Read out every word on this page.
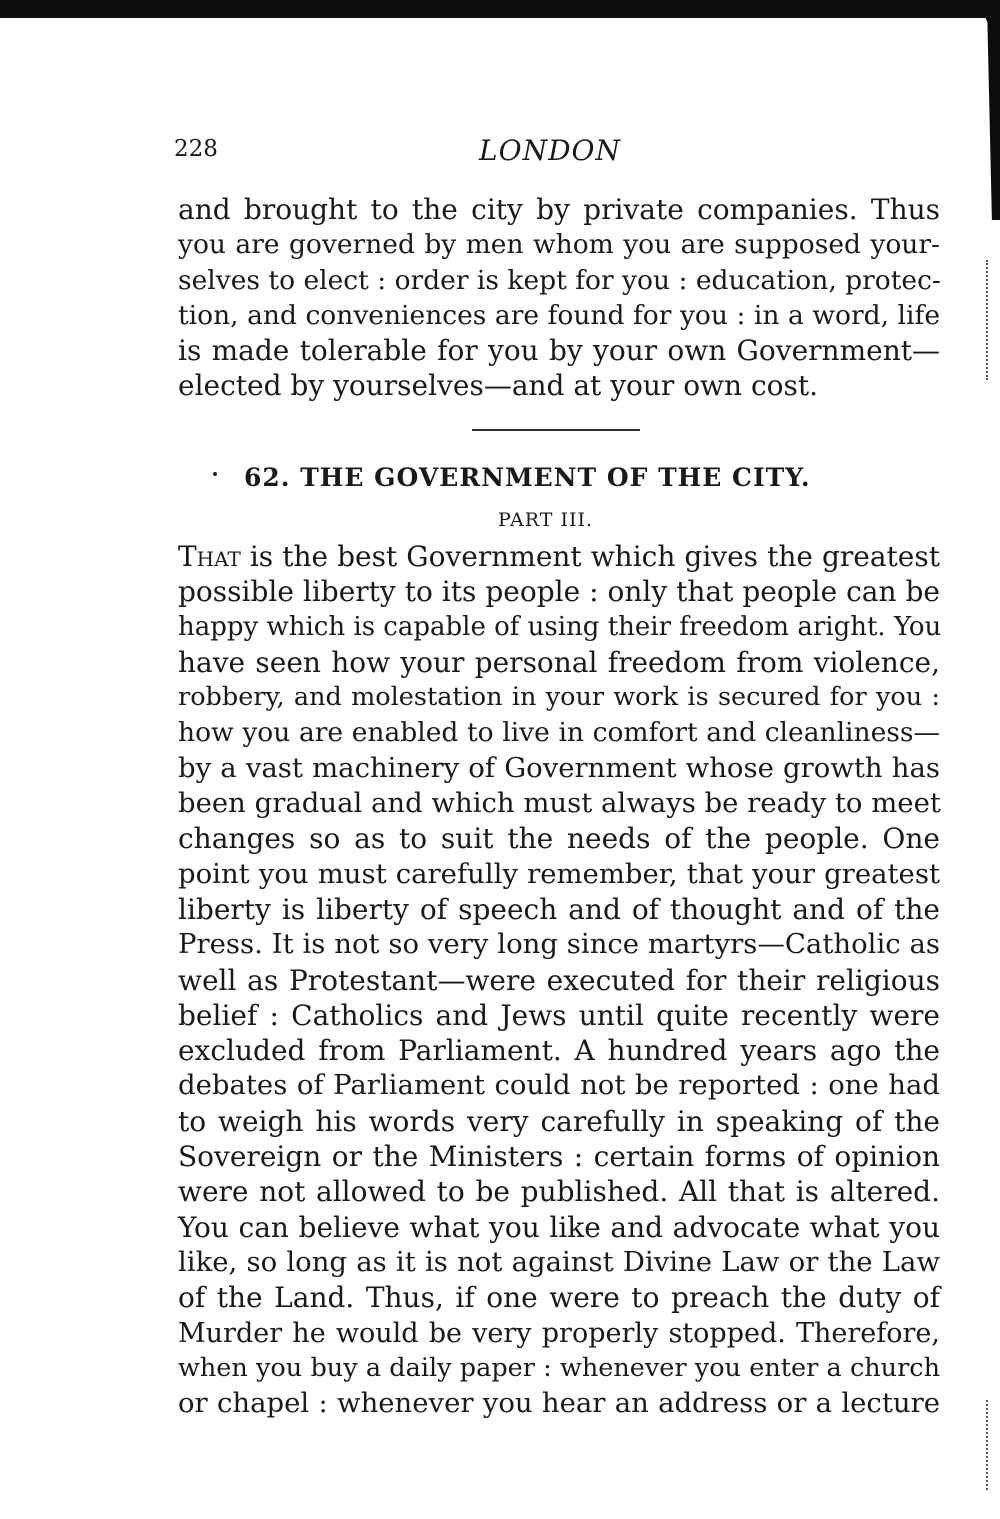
228	LONDON
and brought to the city by private companies. Thus
you are governed by men whom you are supposed your-
selves to elect : order is kept for you : education, protec-
tion, and conveniences are found for you : in a word, life
is made tolerable for you by your own Government—
elected by yourselves—and at your own cost.
62. THE GOVERNMENT OF THE CITY.
PART III.
That is the best Government which gives the greatest
possible liberty to its people : only that people can be
happy which is capable of using their freedom aright. You
have seen how your personal freedom from violence,
robbery, and molestation in your work is secured for you :
how you are enabled to live in comfort and cleanliness—
by a vast machinery of Government whose growth has
been gradual and which must always be ready to meet
changes so as to suit the needs of the people. One
point you must carefully remember, that your greatest
liberty is liberty of speech and of thought and of the
Press. It is not so very long since martyrs—Catholic as
well as Protestant—were executed for their religious
belief : Catholics and Jews until quite recently were
excluded from Parliament. A hundred years ago the
debates of Parliament could not be reported : one had
to weigh his words very carefully in speaking of the
Sovereign or the Ministers : certain forms of opinion
were not allowed to be published. All that is altered.
You can believe what you like and advocate what you
like, so long as it is not against Divine Law or the Law
of the Land. Thus, if one were to preach the duty of
Murder he would be very properly stopped. Therefore,
when you buy a daily paper : whenever you enter a church
or chapel : whenever you hear an address or a lecture
